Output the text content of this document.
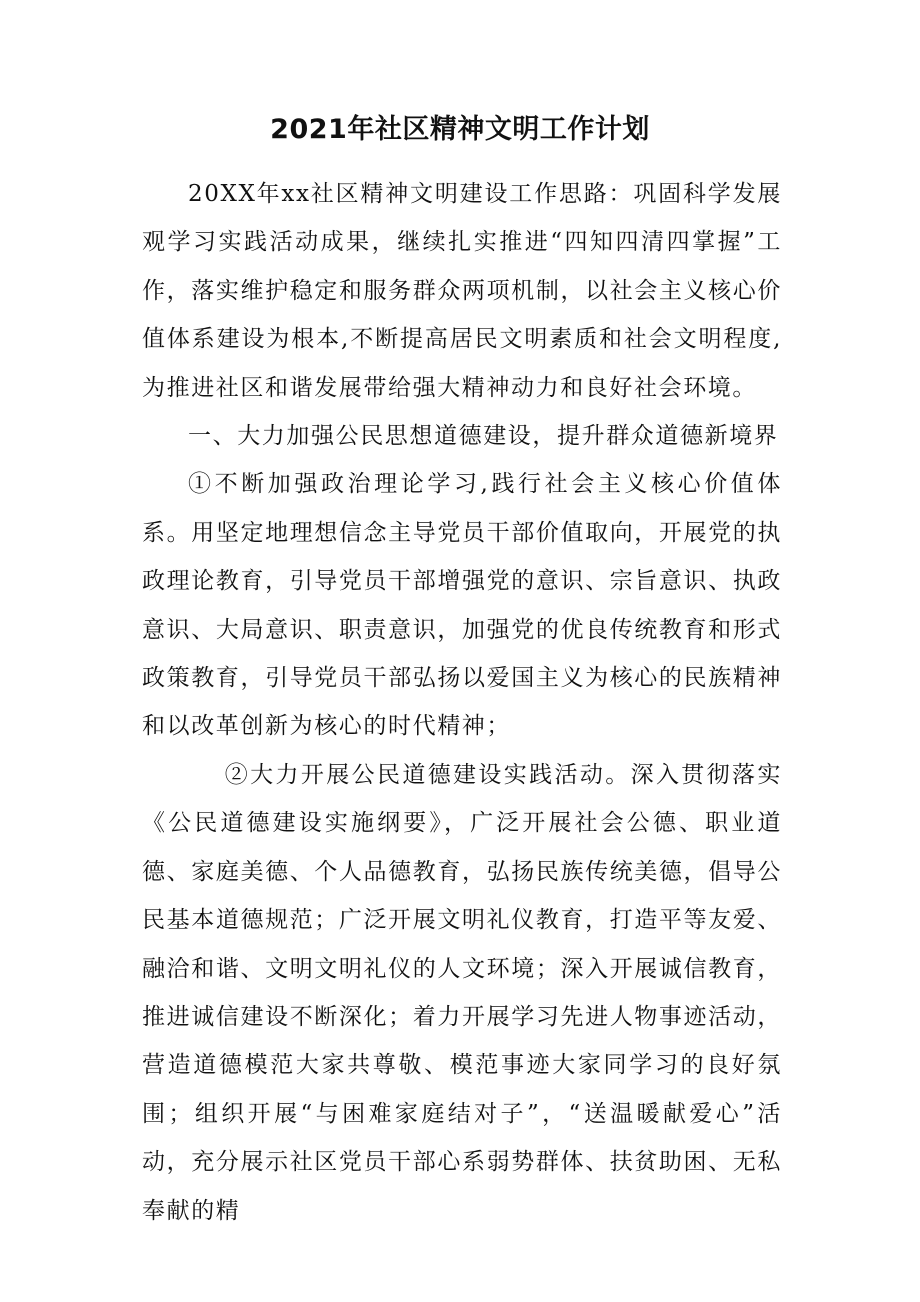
2021年社区精神文明工作计划

20XX年xx社区精神文明建设工作思路：巩固科学发展观学习实践活动成果，继续扎实推进“四知四清四掌握”工作，落实维护稳定和服务群众两项机制，以社会主义核心价值体系建设为根本,不断提高居民文明素质和社会文明程度,为推进社区和谐发展带给强大精神动力和良好社会环境。

一、大力加强公民思想道德建设，提升群众道德新境界

①不断加强政治理论学习,践行社会主义核心价值体系。用坚定地理想信念主导党员干部价值取向，开展党的执政理论教育，引导党员干部增强党的意识、宗旨意识、执政意识、大局意识、职责意识，加强党的优良传统教育和形式政策教育，引导党员干部弘扬以爱国主义为核心的民族精神和以改革创新为核心的时代精神；

②大力开展公民道德建设实践活动。深入贯彻落实《公民道德建设实施纲要》，广泛开展社会公德、职业道德、家庭美德、个人品德教育，弘扬民族传统美德，倡导公民基本道德规范；广泛开展文明礼仪教育，打造平等友爱、融洽和谐、文明文明礼仪的人文环境；深入开展诚信教育，推进诚信建设不断深化；着力开展学习先进人物事迹活动，营造道德模范大家共尊敬、模范事迹大家同学习的良好氛围；组织开展“与困难家庭结对子”，“送温暖献爱心”活动，充分展示社区党员干部心系弱势群体、扶贫助困、无私奉献的精
